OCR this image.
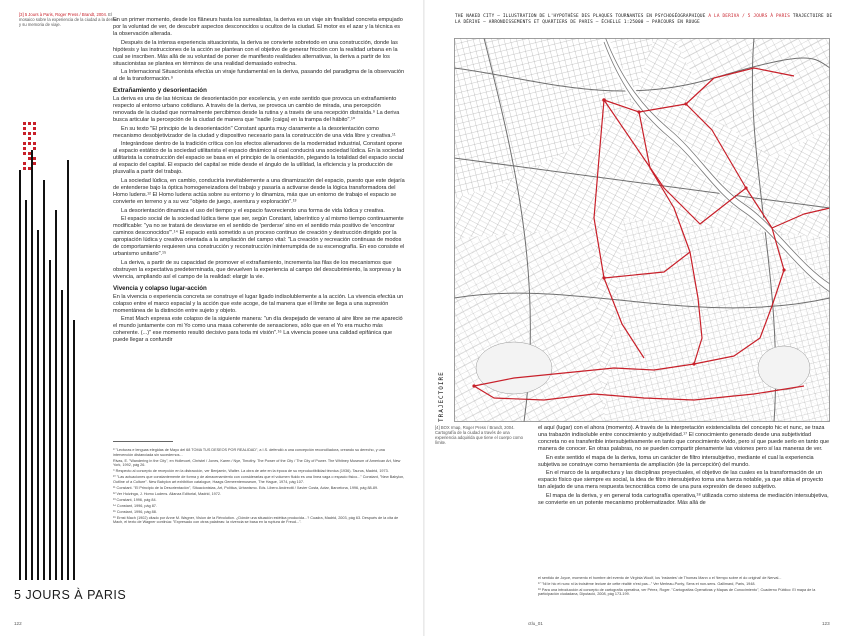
[3] 5 Jours à Paris, Roger Press / Brandt, 2004. El mosaico sobre la experiencia de la ciudad a la deriva y su memoria de viaje.
5 JOURS À PARIS

En un primer momento, desde los flâneurs hasta los surrealistas, la deriva es un viaje sin finalidad concreta empujado por la voluntad de ver, de descubrir aspectos desconocidos u ocultos de la ciudad. El motor es el azar y la técnica es la observación alterada.

Después de la intensa experiencia situacionista, la deriva se convierte sobretodo en una construcción, donde las hipótesis y las instrucciones de la acción se plantean con el objetivo de generar fricción con la realidad urbana en la cual se inscriben. Más allá de su voluntad de poner de manifiesto realidades alternativas, la deriva a partir de los situacionistas se plantea en términos de una realidad demasiado estrecha.

La Internacional Situacionista efectúa un viraje fundamental en la deriva, pasando del paradigma de la observación al de la transformación.⁹

Extrañamiento y desorientación

La deriva es una de las técnicas de desorientación por excelencia, y en este sentido que provoca un extrañamiento respecto al entorno urbano cotidiano. A través de la deriva, se provoca un cambio de mirada, una percepción renovada de la ciudad que normalmente percibimos desde la rutina y a través de una recepción distraída.⁹ La deriva busca articular la percepción de la ciudad de manera que "nadie (caiga) en la trampa del hábito".¹⁰

En su texto "El principio de la desorientación" Constant apunta muy claramente a la desorientación como mecanismo desobjetivizador de la ciudad y dispositivo necesario para la construcción de una vida libre y creativa.¹¹

Integrándose dentro de la tradición crítica con los efectos alienadores de la modernidad industrial, Constant opone al espacio estático de la sociedad utilitarista el espacio dinámico al cual conducirá una sociedad lúdica. En la sociedad utilitarista la construcción del espacio se basa en el principio de la orientación, plegando la totalidad del espacio social al espacio del capital. El espacio del capital se mide desde el ángulo de la utilidad, la eficiencia y la producción de plusvalía a partir del trabajo.

La sociedad lúdica, en cambio, conduciría inevitablemente a una dinamización del espacio, puesto que este dejaría de entenderse bajo la óptica homogeneizadora del trabajo y pasaría a activarse desde la lógica transformadora del Homo ludens.¹² El Homo ludens actúa sobre su entorno y lo dinamiza, más que un entorno de trabajo el espacio se convierte en terreno y a su vez "objeto de juego, aventura y exploración".¹³

La desorientación dinamiza el uso del tiempo y el espacio favoreciendo una forma de vida lúdica y creativa.

El espacio social de la sociedad lúdica tiene que ser, según Constant, laberíntico y al mismo tiempo continuamente modificable: "ya no se tratará de desviarse en el sentido de 'perderse' sino en el sentido más positivo de 'encontrar caminos desconocidos'".¹⁴ El espacio está sometido a un proceso continuo de creación y destrucción dirigido por la apropiación lúdica y creativa orientada a la ampliación del campo vital: "La creación y recreación continuas de modos de comportamiento requieren una construcción y reconstrucción ininterrumpida de su escenografía. En eso consiste el urbanismo unitario".¹⁵

La deriva, a partir de su capacidad de promover el extrañamiento, incrementa las filas de los mecanismos que obstruyen la expectativa predeterminada, que devuelven la experiencia al campo del descubrimiento, la sorpresa y la vivencia, ampliando así el campo de la realidad: elargir la vie.

Vivencia y colapso lugar-acción

En la vivencia o experiencia concreta se construye el lugar ligado indisolublemente a la acción. La vivencia efectúa un colapso entre el marco espacial y la acción que este acoge, de tal manera que el límite se llega a una supresión momentánea de la distinción entre sujeto y objeto.

Ernst Mach expresa este colapso de la siguiente manera: "un día despejado de verano al aire libre se me apareció el mundo juntamente con mi Yo como una masa coherente de sensaciones, sólo que en el Yo era mucho más coherente. (...)" ese momento resultó decisivo para toda mi visión".¹⁶ La vivencia posee una calidad epifánica que puede llegar a confundir

⁸ "Lecturas e lenguas elegidas de Mayo del 68 TOMA TUS DESEOS POR REALIDAD", a I.S. defendió a una concepción reconciliadora, creando su derecho, y una intervención distanciada sin sucedernos...

Rivas, E. "Wandering in the City", en Hollevoet, Christel / Jones, Karen / Nye, Timothy. The Power of the City / The City of Power. The Whitney Museum of American Art, New York, 1992, pág 26.

⁹ Respecto al concepto de recepción en la distracción, ver Benjamin, Walter. La obra de arte en la época de su reproductibilidad técnica (1936). Taurus, Madrid, 1973.

¹⁰ "Las actuaciones que constantemente de forma y de almacenamiento con considerarlas que el volumen fluido es una línea vaga o espacio físico..." Constant, "New Babylon, Outline of a Culture". New Babylon art exhibition catalogue, Haags Gemeentemuseum, The Hague, 1974, pág 107.

¹¹ Constant. "El Principio de la Desorientación", Situacionistas, Art, Política, Urbanismo. Eds. Libero Andreotti / Xavier Costa, Actar, Barcelona, 1996, pág 88-89.

¹² Ver Huizinga, J. Homo Ludens. Alianza Editorial, Madrid, 1972.

¹³ Constant, 1996, pág 84.

¹⁴ Constant, 1996, pág 87.

¹⁵ Constant, 1996, pág 88.

¹⁶ Ernst Mach (1902) citado por Anne M. Wagner, Vision de la Révolution. ¿Dónde una situación estética producida...? Cuadra, Madrid, 2003, pág 63. Después de la cita de Mach, el texto de Wagner continúa: "Expresado con otras palabras: la vivencia se basa en la ruptura de Freud...".

122
THE NAKED CITY — ILLUSTRATION DE L'HYPOTHÈSE DES PLAQUES TOURNANTES EN PSYCHOGÉOGRAPHIQUE A LA DERIVA / 5 JOURS À PARIS TRAJECTOIRE DE LA DÉRIVE — ARRONDISSEMENTS ET QUARTIERS DE PARIS — ÉCHELLE 1:25000 — PARCOURS EN ROUGE
TRAJECTOIRE
[4] BOX rmap, Roger Press / Brandt, 2004. Cartografía de la ciudad a través de una experiencia adquirida que tiene el cuerpo como límite.

el aquí (lugar) con el ahora (momento). A través de la interpretación existencialista del concepto hic et nunc, se traza una trabazón indisoluble entre conocimiento y subjetividad.¹⁷ El conocimiento generado desde una subjetividad concreta no es transferible intersubjetivamente en tanto que conocimiento vivido, pero sí que puede serlo en tanto que manera de conocer. En otras palabras, no se pueden compartir plenamente las visiones pero sí las maneras de ver.

En este sentido el mapa de la deriva, toma un carácter de filtro intersubjetivo, mediante el cual la experiencia subjetiva se construye como herramienta de ampliación (de la percepción) del mundo.

En el marco de la arquitectura y las disciplinas proyectuales, el objetivo de las cuales es la transformación de un espacio físico que siempre es social, la idea de filtro intersubjetivo toma una fuerza notable, ya que sitúa el proyecto tan alejado de una mera respuesta tecnocrática como de una pura expresión de deseo subjetivo.

El mapa de la deriva, y en general toda cartografía operativa,¹⁸ utilizada como sistema de mediación intersubjetiva, se convierte en un potente mecanismo problematizador. Más allá de

el sentido de Joyce, momento el hombre del evento de Virginia Woolf, los 'instantes' de Thomas Mann o el 'tiempo sobre el do original' de Nerval...

¹⁷ "Ni le hic et nunc ni la troisième lecture de cette réalité n'est pas..." Ver Merleau-Ponty, Sens et non-sens. Gallimard, Paris, 1948.

¹⁸ Para una introducción al concepto de cartografía operativa, ver Pérez, Roger. "Cartografías Operativas y Mapas de Conocimiento", Cuaderno Público: El mapa de la participación ciudadana, Diputació, 2008, pág 173-199.

ctlu_01	123
